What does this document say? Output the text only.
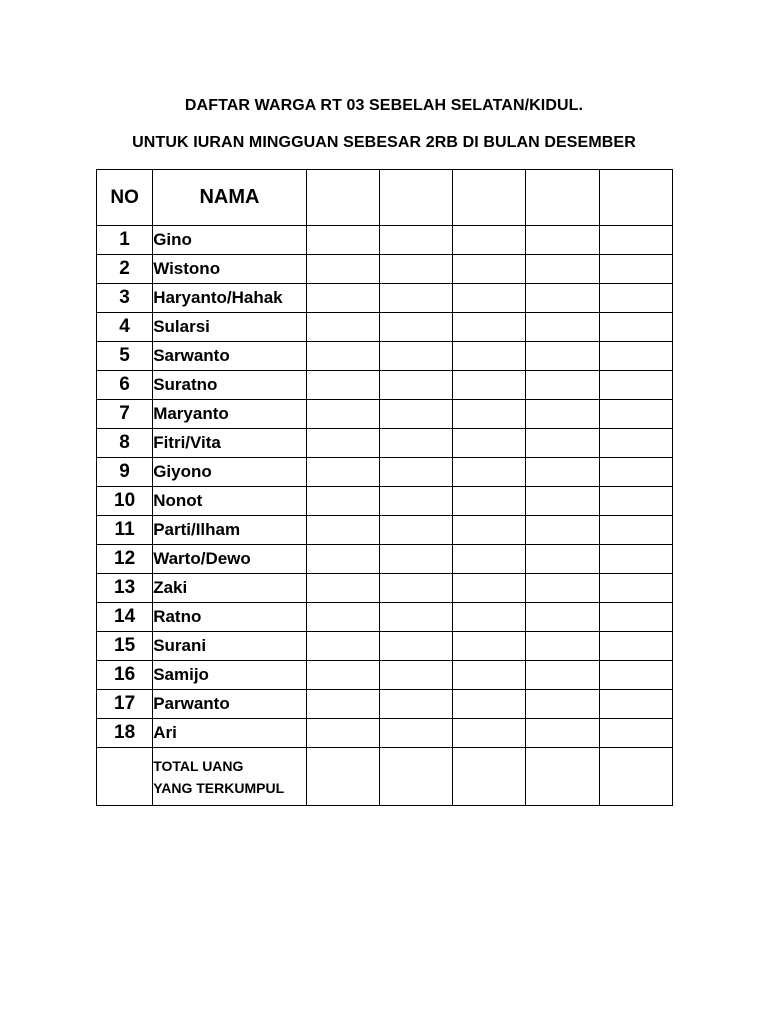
DAFTAR WARGA RT 03 SEBELAH SELATAN/KIDUL.
UNTUK IURAN MINGGUAN SEBESAR 2RB DI BULAN DESEMBER
NO	NAMA					
1	Gino					
2	Wistono					
3	Haryanto/Hahak					
4	Sularsi					
5	Sarwanto					
6	Suratno					
7	Maryanto					
8	Fitri/Vita					
9	Giyono					
10	Nonot					
11	Parti/Ilham					
12	Warto/Dewo					
13	Zaki					
14	Ratno					
15	Surani					
16	Samijo					
17	Parwanto					
18	Ari					

	TOTAL UANG
YANG TERKUMPUL					
